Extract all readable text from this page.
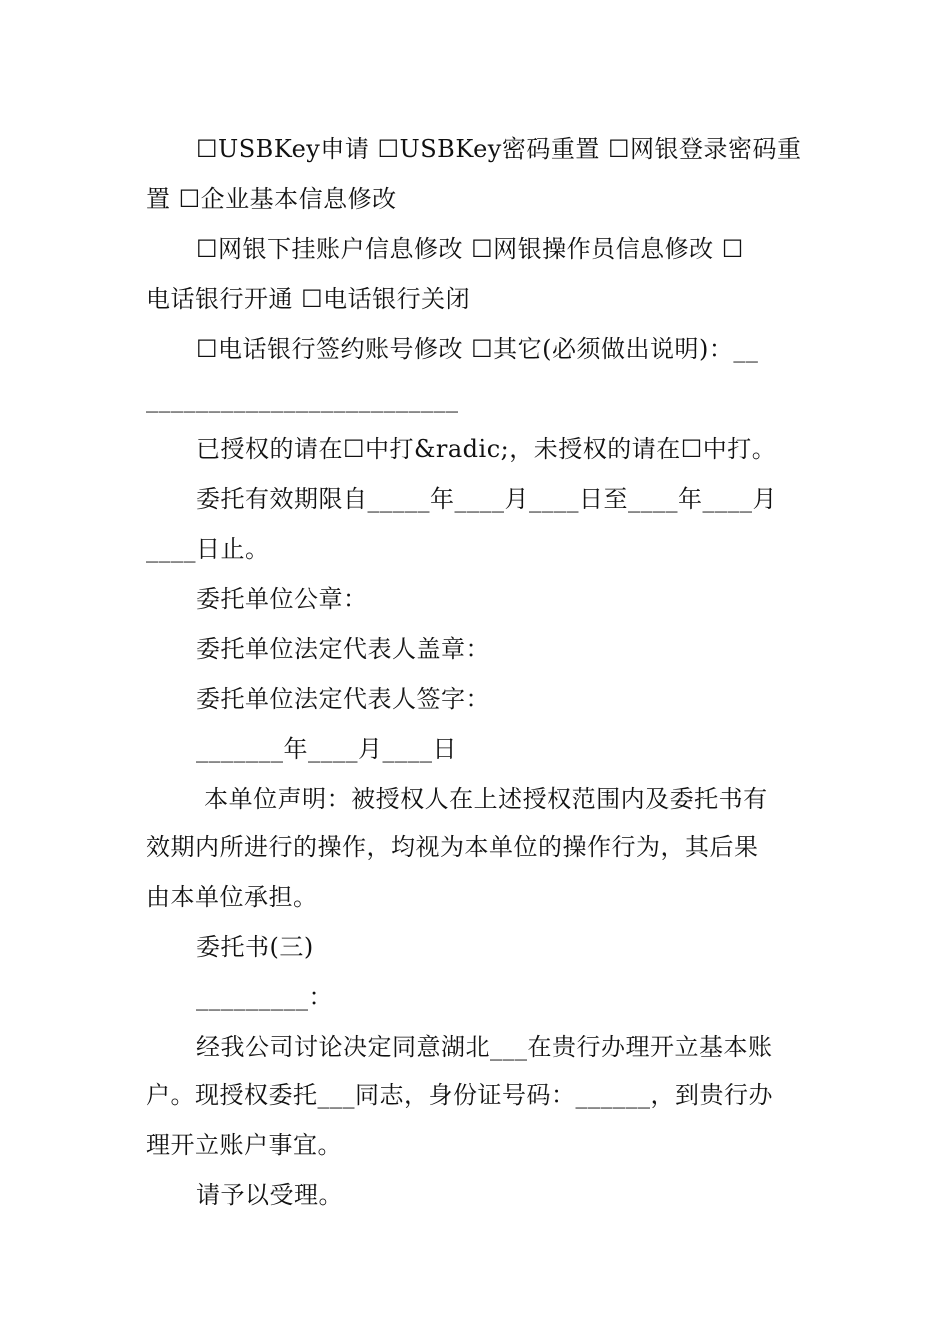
☐USBKey申请 ☐USBKey密码重置 ☐网银登录密码重
置 ☐企业基本信息修改
☐网银下挂账户信息修改 ☐网银操作员信息修改 ☐
电话银行开通 ☐电话银行关闭
☐电话银行签约账号修改 ☐其它(必须做出说明)：__
_________________________
已授权的请在☐中打&radic;，未授权的请在☐中打。
委托有效期限自_____年____月____日至____年____月
____日止。
委托单位公章：
委托单位法定代表人盖章：
委托单位法定代表人签字：
_______年____月____日
本单位声明：被授权人在上述授权范围内及委托书有
效期内所进行的操作，均视为本单位的操作行为，其后果
由本单位承担。
委托书(三)
_________：
经我公司讨论决定同意湖北___在贵行办理开立基本账
户。现授权委托___同志，身份证号码：______，到贵行办
理开立账户事宜。
请予以受理。
